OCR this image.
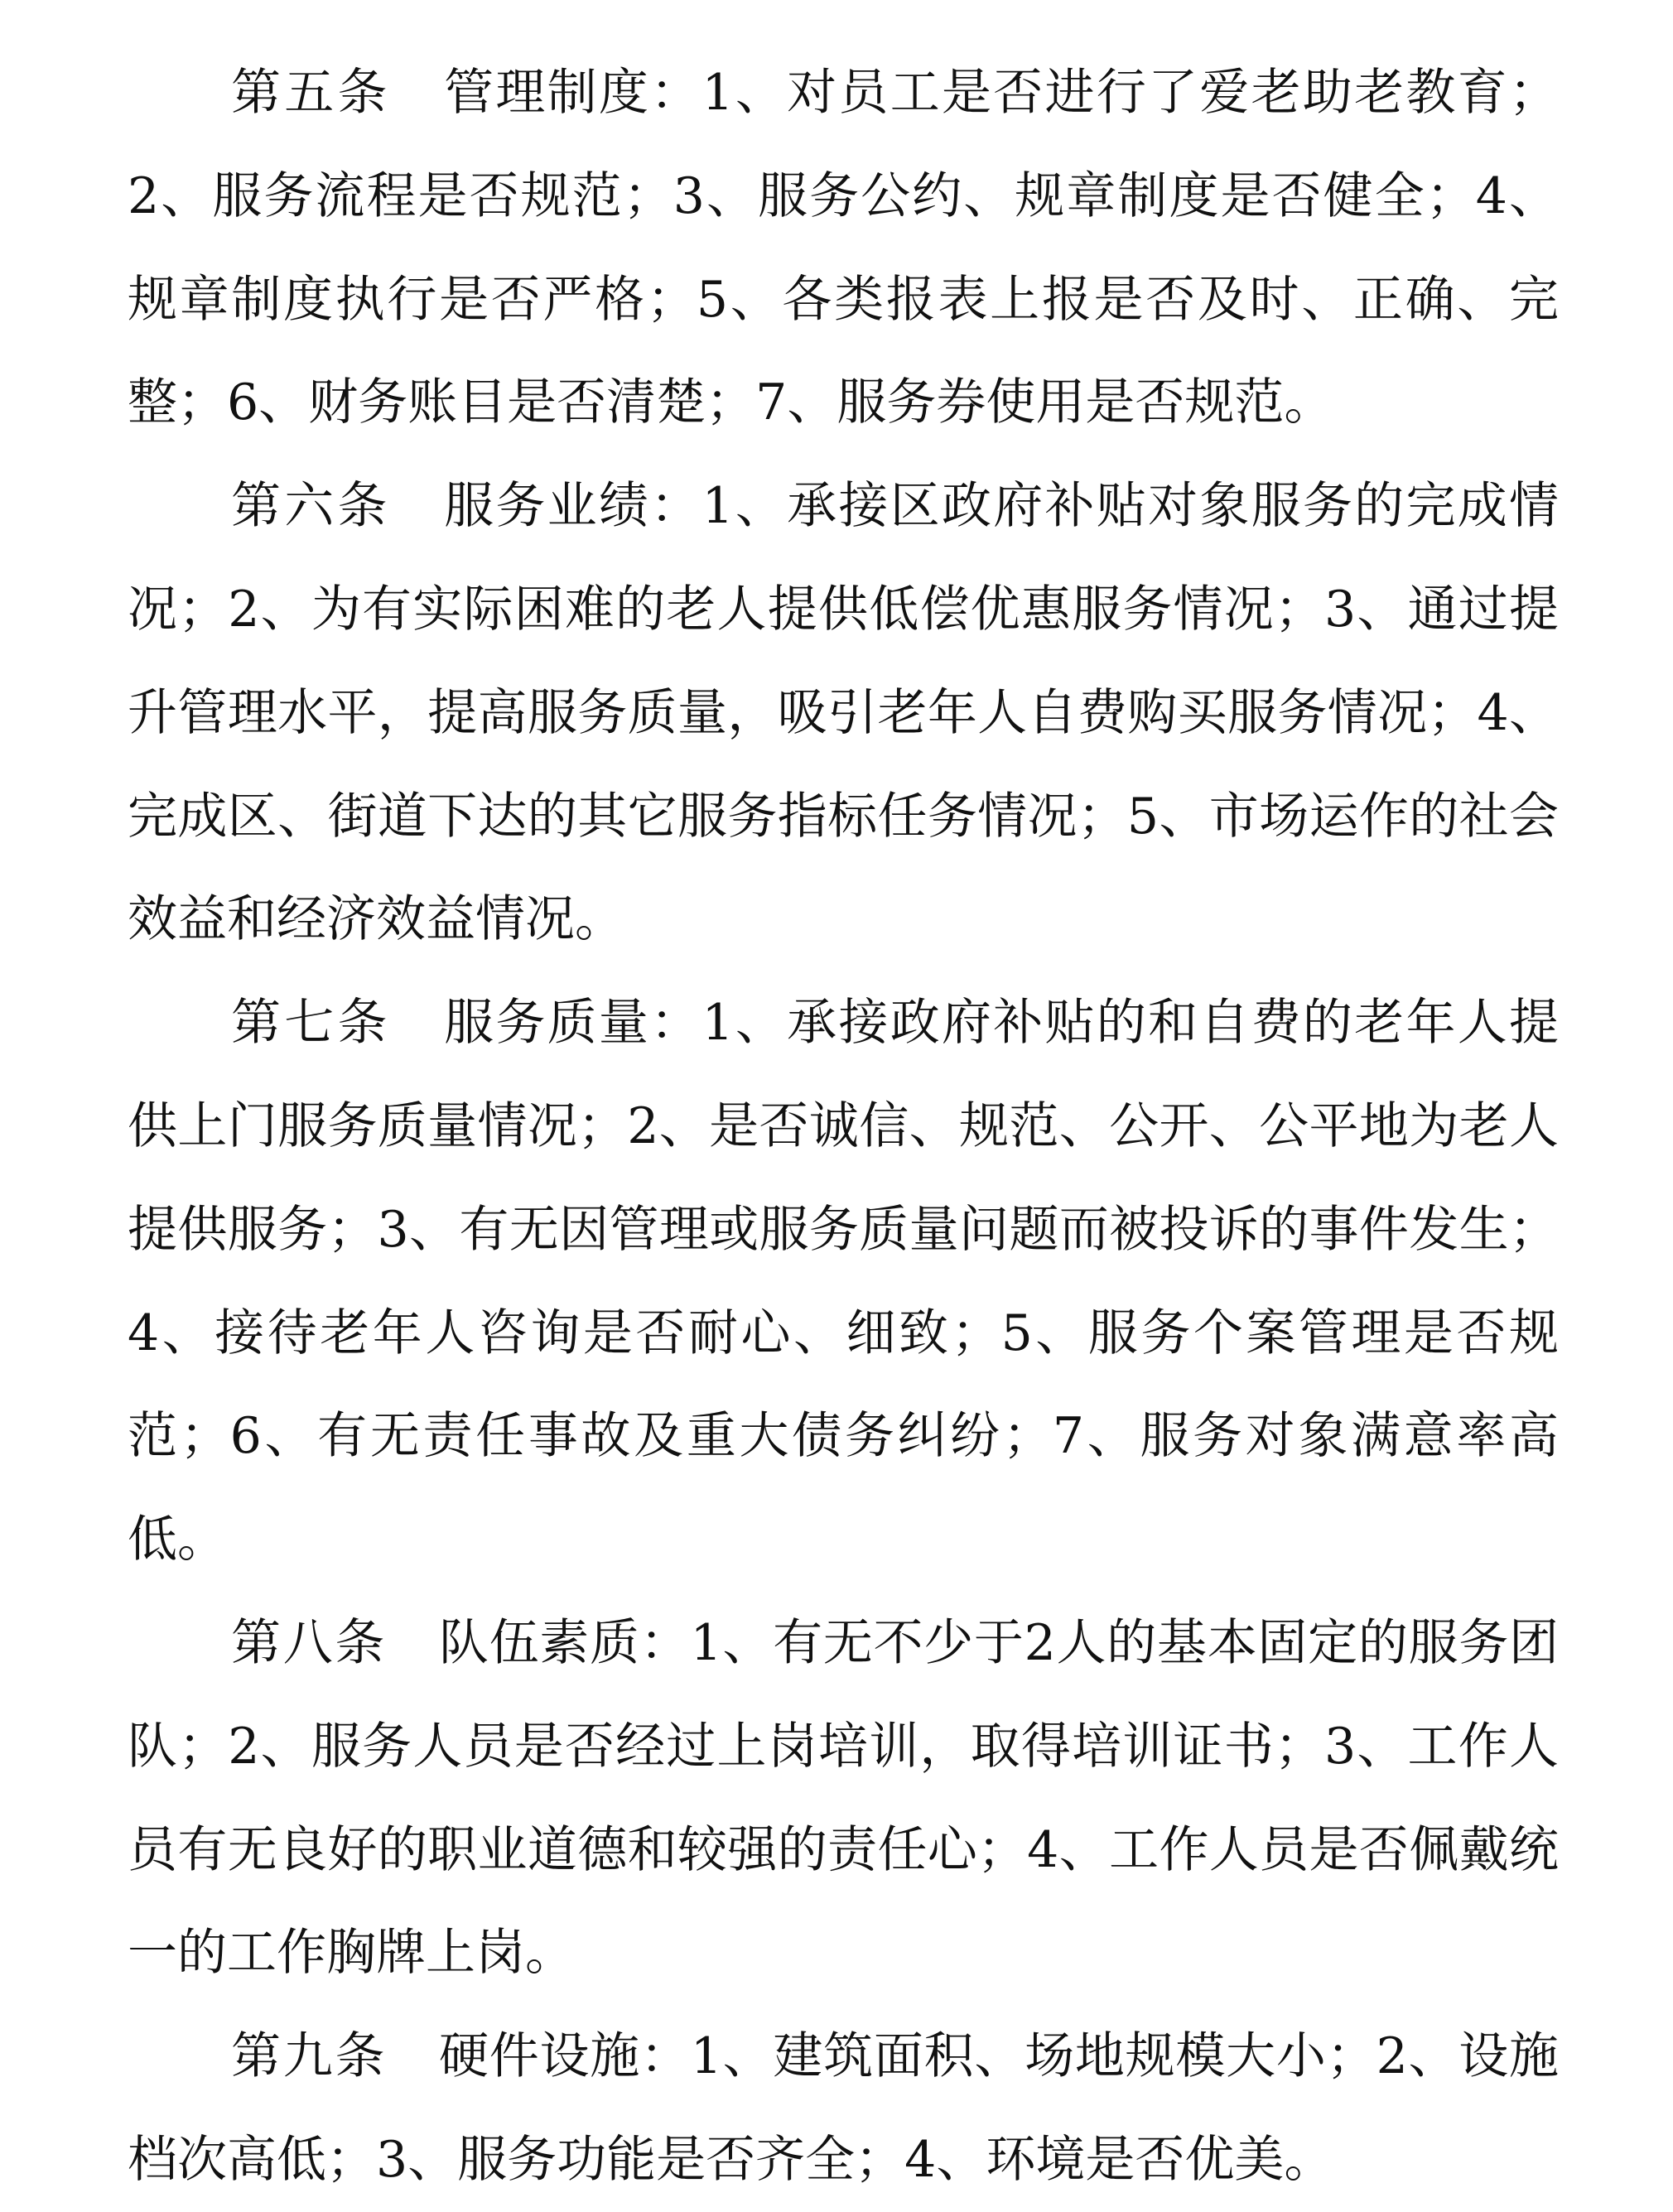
第五条 管理制度：1、对员工是否进行了爱老助老教育；2、服务流程是否规范；3、服务公约、规章制度是否健全；4、规章制度执行是否严格；5、各类报表上报是否及时、正确、完整；6、财务账目是否清楚；7、服务券使用是否规范。

第六条 服务业绩：1、承接区政府补贴对象服务的完成情况；2、为有实际困难的老人提供低偿优惠服务情况；3、通过提升管理水平，提高服务质量，吸引老年人自费购买服务情况；4、完成区、街道下达的其它服务指标任务情况；5、市场运作的社会效益和经济效益情况。

第七条 服务质量：1、承接政府补贴的和自费的老年人提供上门服务质量情况；2、是否诚信、规范、公开、公平地为老人提供服务；3、有无因管理或服务质量问题而被投诉的事件发生；4、接待老年人咨询是否耐心、细致；5、服务个案管理是否规范；6、有无责任事故及重大债务纠纷；7、服务对象满意率高低。

第八条 队伍素质：1、有无不少于2人的基本固定的服务团队；2、服务人员是否经过上岗培训，取得培训证书；3、工作人员有无良好的职业道德和较强的责任心；4、工作人员是否佩戴统一的工作胸牌上岗。

第九条 硬件设施：1、建筑面积、场地规模大小；2、设施档次高低；3、服务功能是否齐全；4、环境是否优美。
